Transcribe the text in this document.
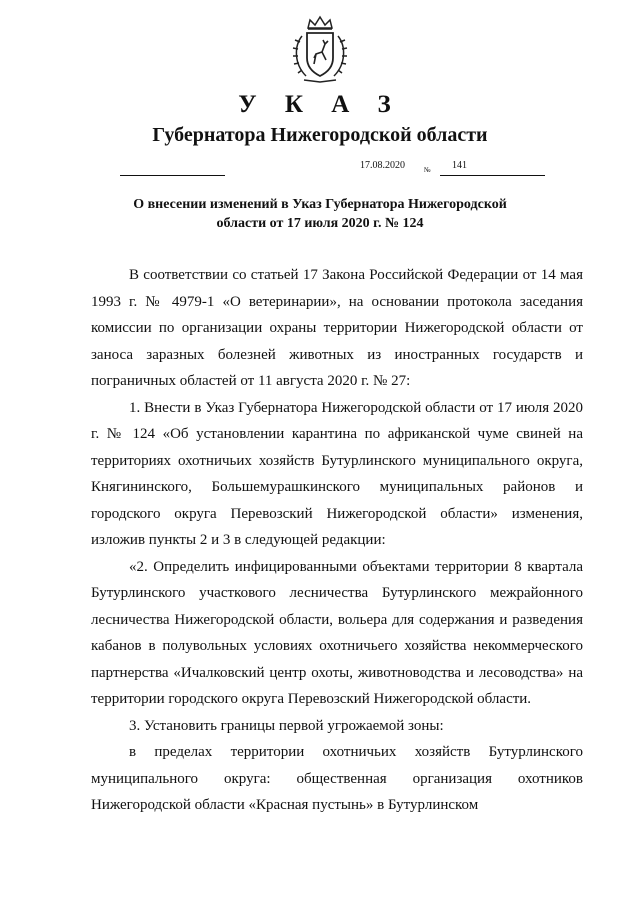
У К А З
Губернатора Нижегородской области
17.08.2020	№ 141
О внесении изменений в Указ Губернатора Нижегородской
области от 17 июля 2020 г. № 124

В соответствии со статьей 17 Закона Российской Федерации от 14 мая 1993 г. № 4979-1 «О ветеринарии», на основании протокола заседания комиссии по организации охраны территории Нижегородской области от заноса заразных болезней животных из иностранных государств и пограничных областей от 11 августа 2020 г. № 27:

1. Внести в Указ Губернатора Нижегородской области от 17 июля 2020 г. № 124 «Об установлении карантина по африканской чуме свиней на территориях охотничьих хозяйств Бутурлинского муниципального округа, Княгининского, Большемурашкинского муниципальных районов и городского округа Перевозский Нижегородской области» изменения, изложив пункты 2 и 3 в следующей редакции:

«2. Определить инфицированными объектами территории 8 квартала Бутурлинского участкового лесничества Бутурлинского межрайонного лесничества Нижегородской области, вольера для содержания и разведения кабанов в полувольных условиях охотничьего хозяйства некоммерческого партнерства «Ичалковский центр охоты, животноводства и лесоводства» на территории городского округа Перевозский Нижегородской области.

3. Установить границы первой угрожаемой зоны:

в пределах территории охотничьих хозяйств Бутурлинского муниципального округа: общественная организация охотников Нижегородской области «Красная пустынь» в Бутурлинском
